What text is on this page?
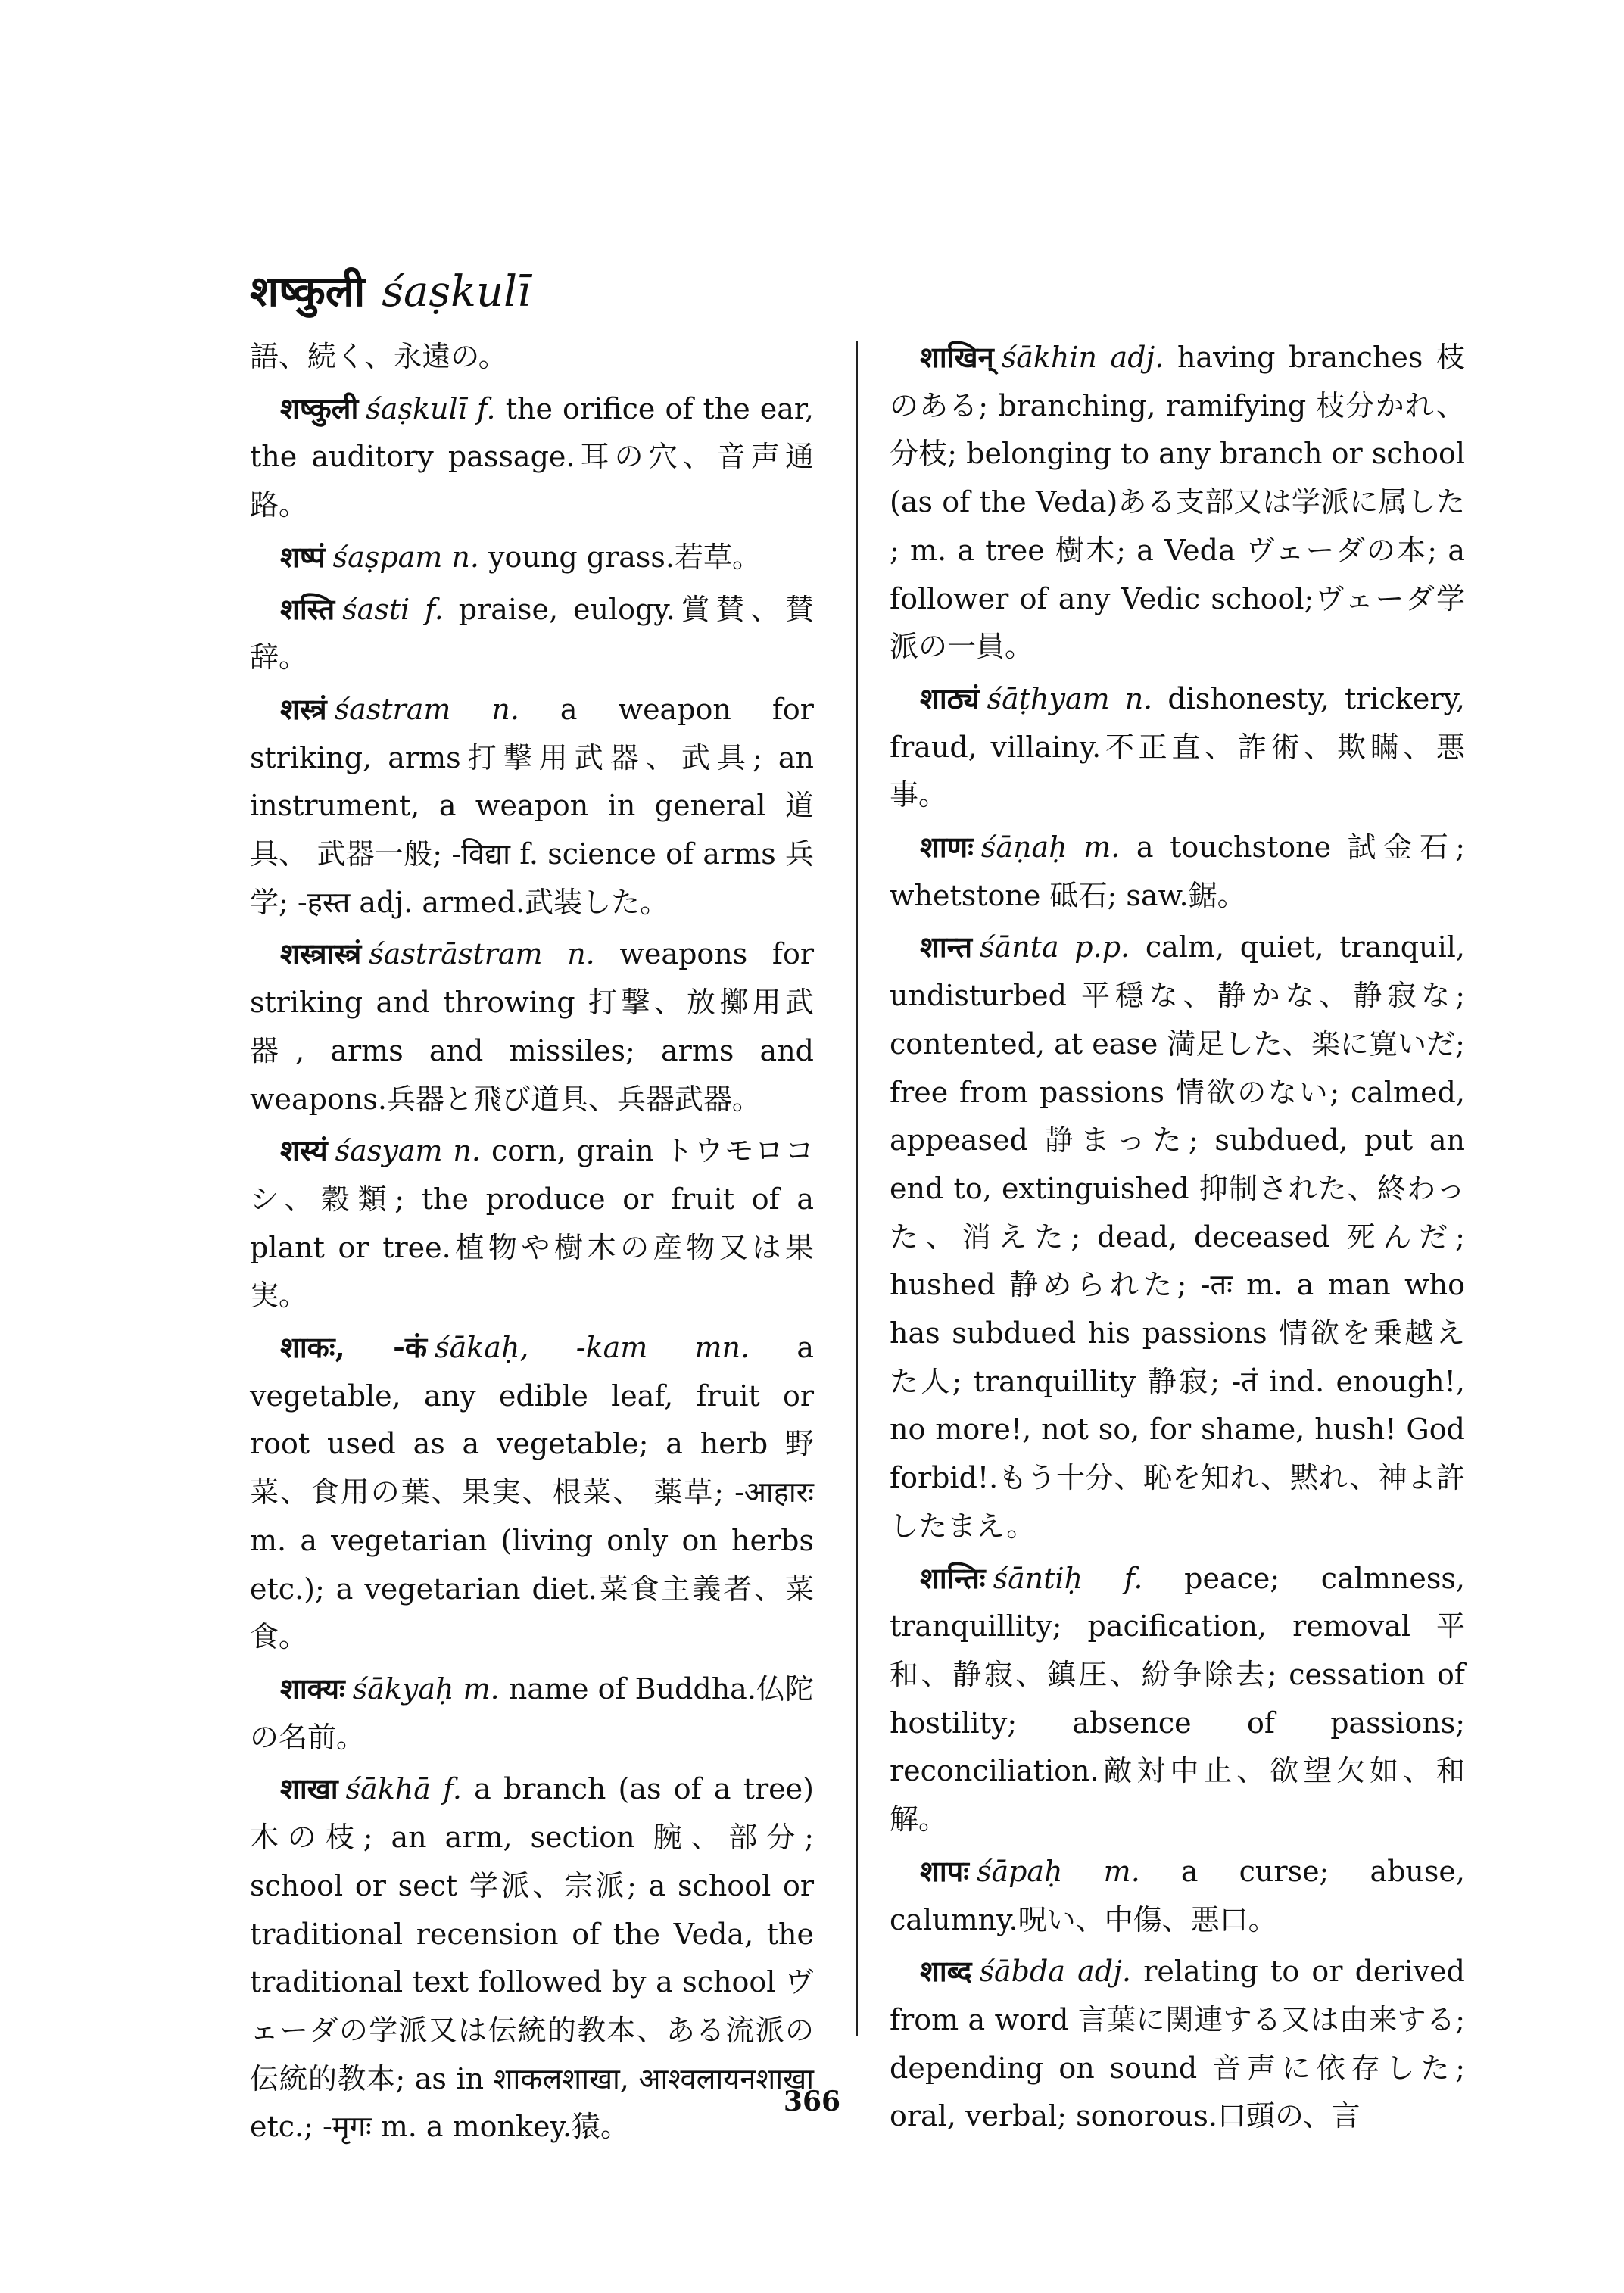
शष्कुली śaṣkulī

語、続く、永遠の。

शष्कुली śaṣkulī f. the orifice of the ear, the auditory passage.耳の穴、音声通路。

शष्पं śaṣpam n. young grass.若草。

शस्ति śasti f. praise, eulogy.賞賛、賛辞。

शस्त्रं śastram n. a weapon for striking, arms打撃用武器、武具; an instrument, a weapon in general 道具、 武器一般; -विद्या f. science of arms 兵学; -हस्त adj. armed.武装した。

शस्त्रास्त्रं śastrāstram n. weapons for striking and throwing 打撃、放擲用武器, arms and missiles; arms and weapons.兵器と飛び道具、兵器武器。

शस्यं śasyam n. corn, grain トウモロコシ、穀類; the produce or fruit of a plant or tree.植物や樹木の産物又は果実。

शाकः, -कं śākaḥ, -kam mn. a vegetable, any edible leaf, fruit or root used as a vegetable; a herb 野菜、食用の葉、果実、根菜、 薬草; -आहारः m. a vegetarian (living only on herbs etc.); a vegetarian diet.菜食主義者、菜食。

शाक्यः śākyaḥ m. name of Buddha.仏陀の名前。

शाखा śākhā f. a branch (as of a tree) 木の枝; an arm, section 腕、部分; school or sect 学派、宗派; a school or traditional recension of the Veda, the traditional text followed by a school ヴェーダの学派又は伝統的教本、ある流派の伝統的教本; as in शाकलशाखा, आश्वलायनशाखा etc.; -मृगः m. a monkey.猿。

शाखिन् śākhin adj. having branches 枝のある; branching, ramifying 枝分かれ、分枝; belonging to any branch or school (as of the Veda)ある支部又は学派に属した ; m. a tree 樹木; a Veda ヴェーダの本; a follower of any Vedic school;ヴェーダ学派の一員。

शाठ्यं śāṭhyam n. dishonesty, trickery, fraud, villainy.不正直、詐術、欺瞞、悪事。

शाणः śāṇaḥ m. a touchstone 試金石; whetstone 砥石; saw.鋸。

शान्त śānta p.p. calm, quiet, tranquil, undisturbed 平穏な、静かな、静寂な; contented, at ease 満足した、楽に寛いだ; free from passions 情欲のない; calmed, appeased 静まった; subdued, put an end to, extinguished 抑制された、終わった、消えた; dead, deceased 死んだ; hushed 静められた; -तः m. a man who has subdued his passions 情欲を乗越えた人; tranquillity 静寂; -तं ind. enough!, no more!, not so, for shame, hush! God forbid!.もう十分、恥を知れ、黙れ、神よ許したまえ。

शान्तिः śāntiḥ f. peace; calmness, tranquillity; pacification, removal 平和、静寂、鎮圧、紛争除去; cessation of hostility; absence of passions; reconciliation.敵対中止、欲望欠如、和解。

शापः śāpaḥ m. a curse; abuse, calumny.呪い、中傷、悪口。

शाब्द śābda adj. relating to or derived from a word 言葉に関連する又は由来する; depending on sound 音声に依存した; oral, verbal; sonorous.口頭の、言

366
